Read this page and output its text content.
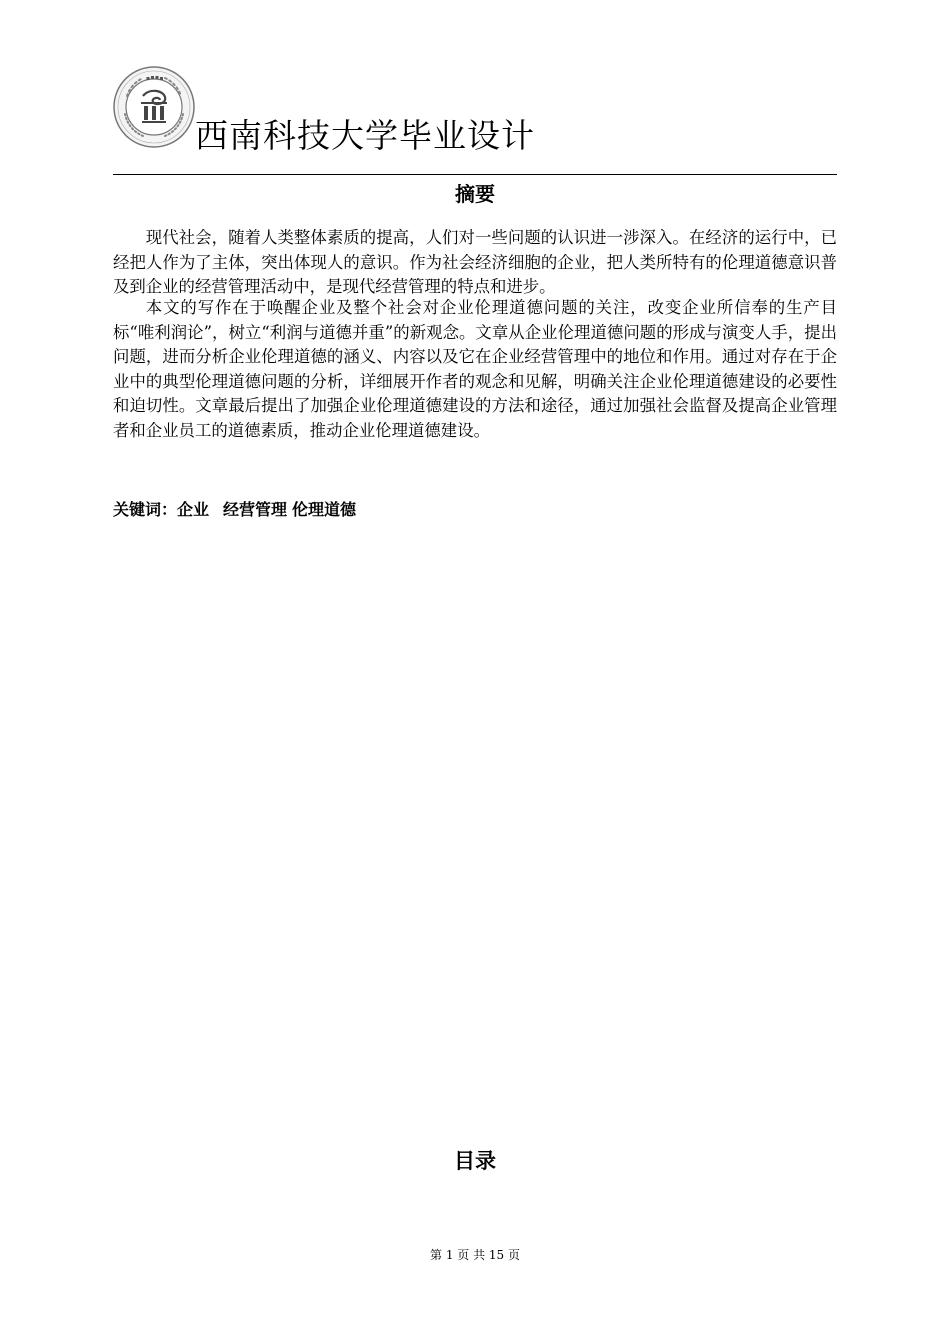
西南科技大学毕业设计
摘要

现代社会，随着人类整体素质的提高，人们对一些问题的认识进一涉深入。在经济的运行中，已经把人作为了主体，突出体现人的意识。作为社会经济细胞的企业，把人类所特有的伦理道德意识普及到企业的经营管理活动中，是现代经营管理的特点和进步。

本文的写作在于唤醒企业及整个社会对企业伦理道德问题的关注，改变企业所信奉的生产目标“唯利润论”，树立“利润与道德并重”的新观念。文章从企业伦理道德问题的形成与演变人手，提出问题，进而分析企业伦理道德的涵义、内容以及它在企业经营管理中的地位和作用。通过对存在于企业中的典型伦理道德问题的分析，详细展开作者的观念和见解，明确关注企业伦理道德建设的必要性和迫切性。文章最后提出了加强企业伦理道德建设的方法和途径，通过加强社会监督及提高企业管理者和企业员工的道德素质，推动企业伦理道德建设。

关键词：企业 经营管理 伦理道德
目录
第 1 页 共 15 页
